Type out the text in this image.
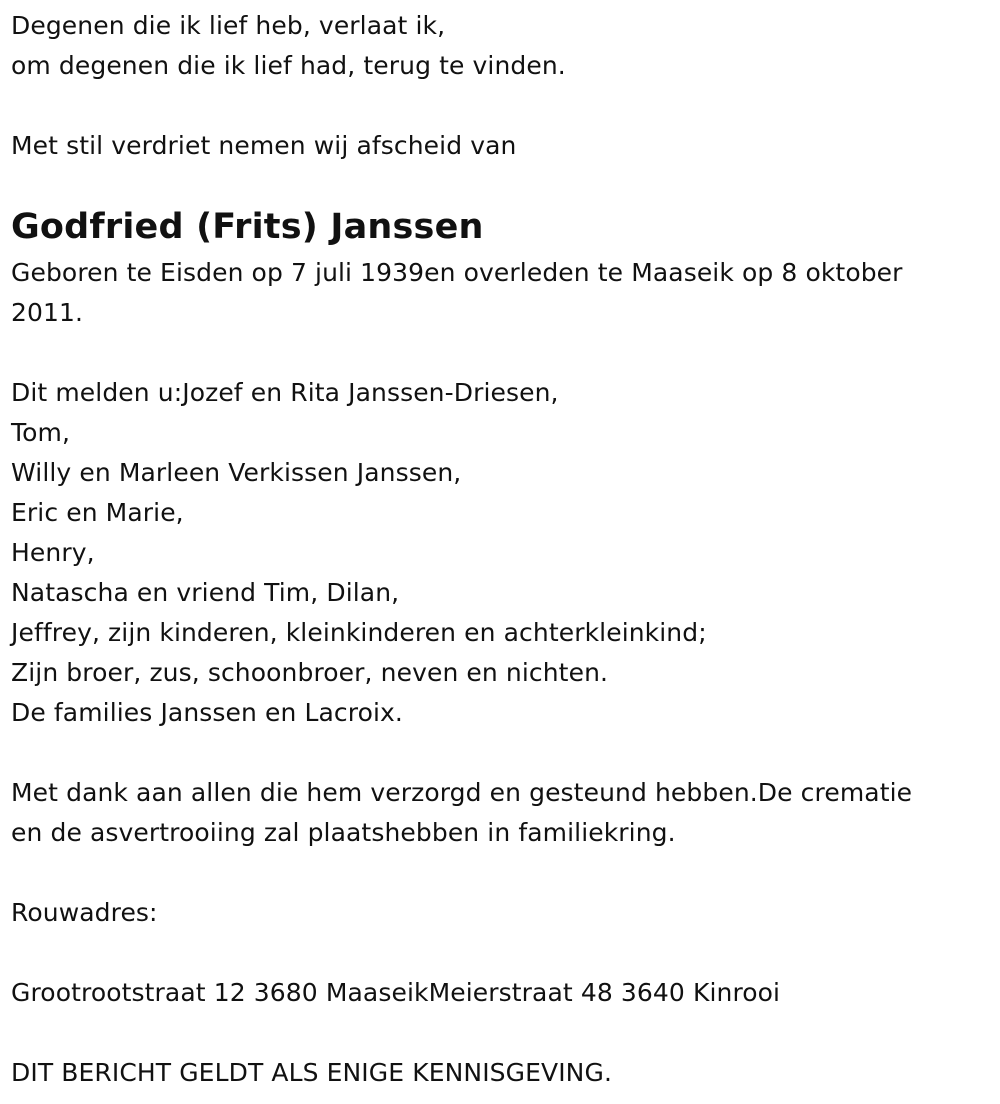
Degenen die ik lief heb, verlaat ik,
om degenen die ik lief had, terug te vinden.
Met stil verdriet nemen wij afscheid van
Godfried (Frits) Janssen
Geboren te Eisden op 7 juli 1939en overleden te Maaseik op 8 oktober
2011.
Dit melden u:Jozef en Rita Janssen-Driesen,
Tom,
Willy en Marleen Verkissen Janssen,
Eric en Marie,
Henry,
Natascha en vriend Tim, Dilan,
Jeffrey, zijn kinderen, kleinkinderen en achterkleinkind;
Zijn broer, zus, schoonbroer, neven en nichten.
De families Janssen en Lacroix.
Met dank aan allen die hem verzorgd en gesteund hebben.De crematie
en de asvertrooiing zal plaatshebben in familiekring.
Rouwadres:
Grootrootstraat 12 3680 MaaseikMeierstraat 48 3640 Kinrooi
DIT BERICHT GELDT ALS ENIGE KENNISGEVING.
